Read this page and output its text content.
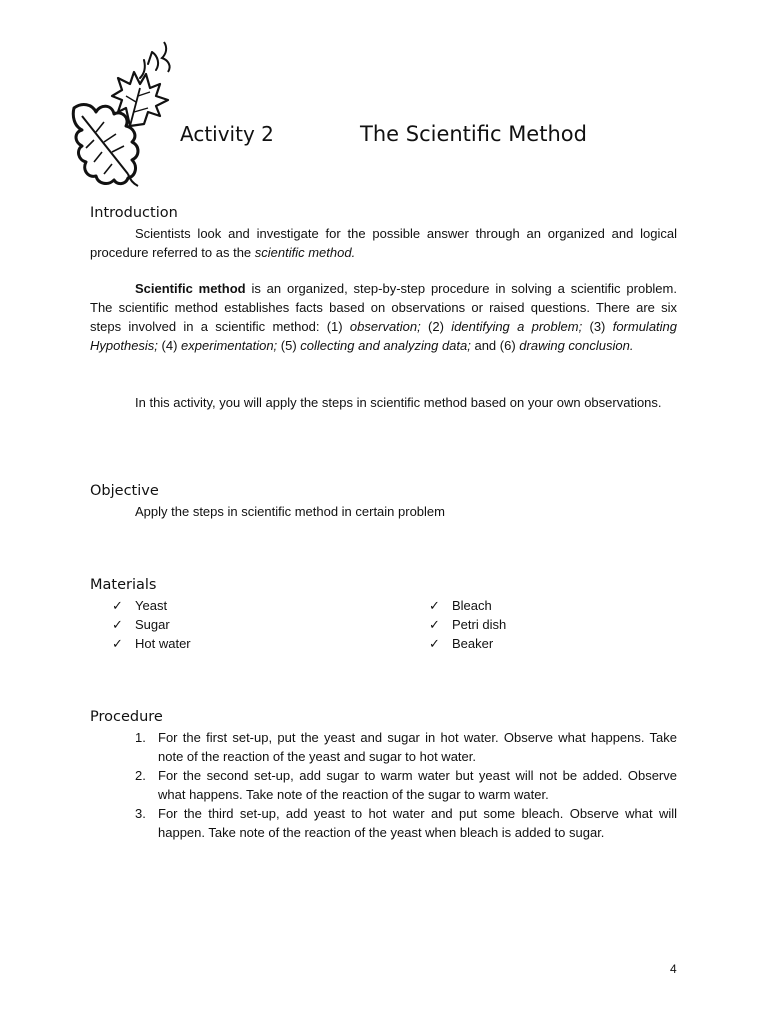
Activity 2	The Scientific Method
Introduction

Scientists look and investigate for the possible answer through an organized and logical procedure referred to as the scientific method.

Scientific method is an organized, step-by-step procedure in solving a scientific problem. The scientific method establishes facts based on observations or raised questions. There are six steps involved in a scientific method: (1) observation; (2) identifying a problem; (3) formulating Hypothesis; (4) experimentation; (5) collecting and analyzing data; and (6) drawing conclusion.

In this activity, you will apply the steps in scientific method based on your own observations.

Objective

Apply the steps in scientific method in certain problem

Materials
✓ Yeast
✓ Sugar
✓ Hot water
✓ Bleach
✓ Petri dish
✓ Beaker
Procedure
1. For the first set-up, put the yeast and sugar in hot water. Observe what happens. Take note of the reaction of the yeast and sugar to hot water.
2. For the second set-up, add sugar to warm water but yeast will not be added. Observe what happens. Take note of the reaction of the sugar to warm water.
3. For the third set-up, add yeast to hot water and put some bleach. Observe what will happen. Take note of the reaction of the yeast when bleach is added to sugar.
4
